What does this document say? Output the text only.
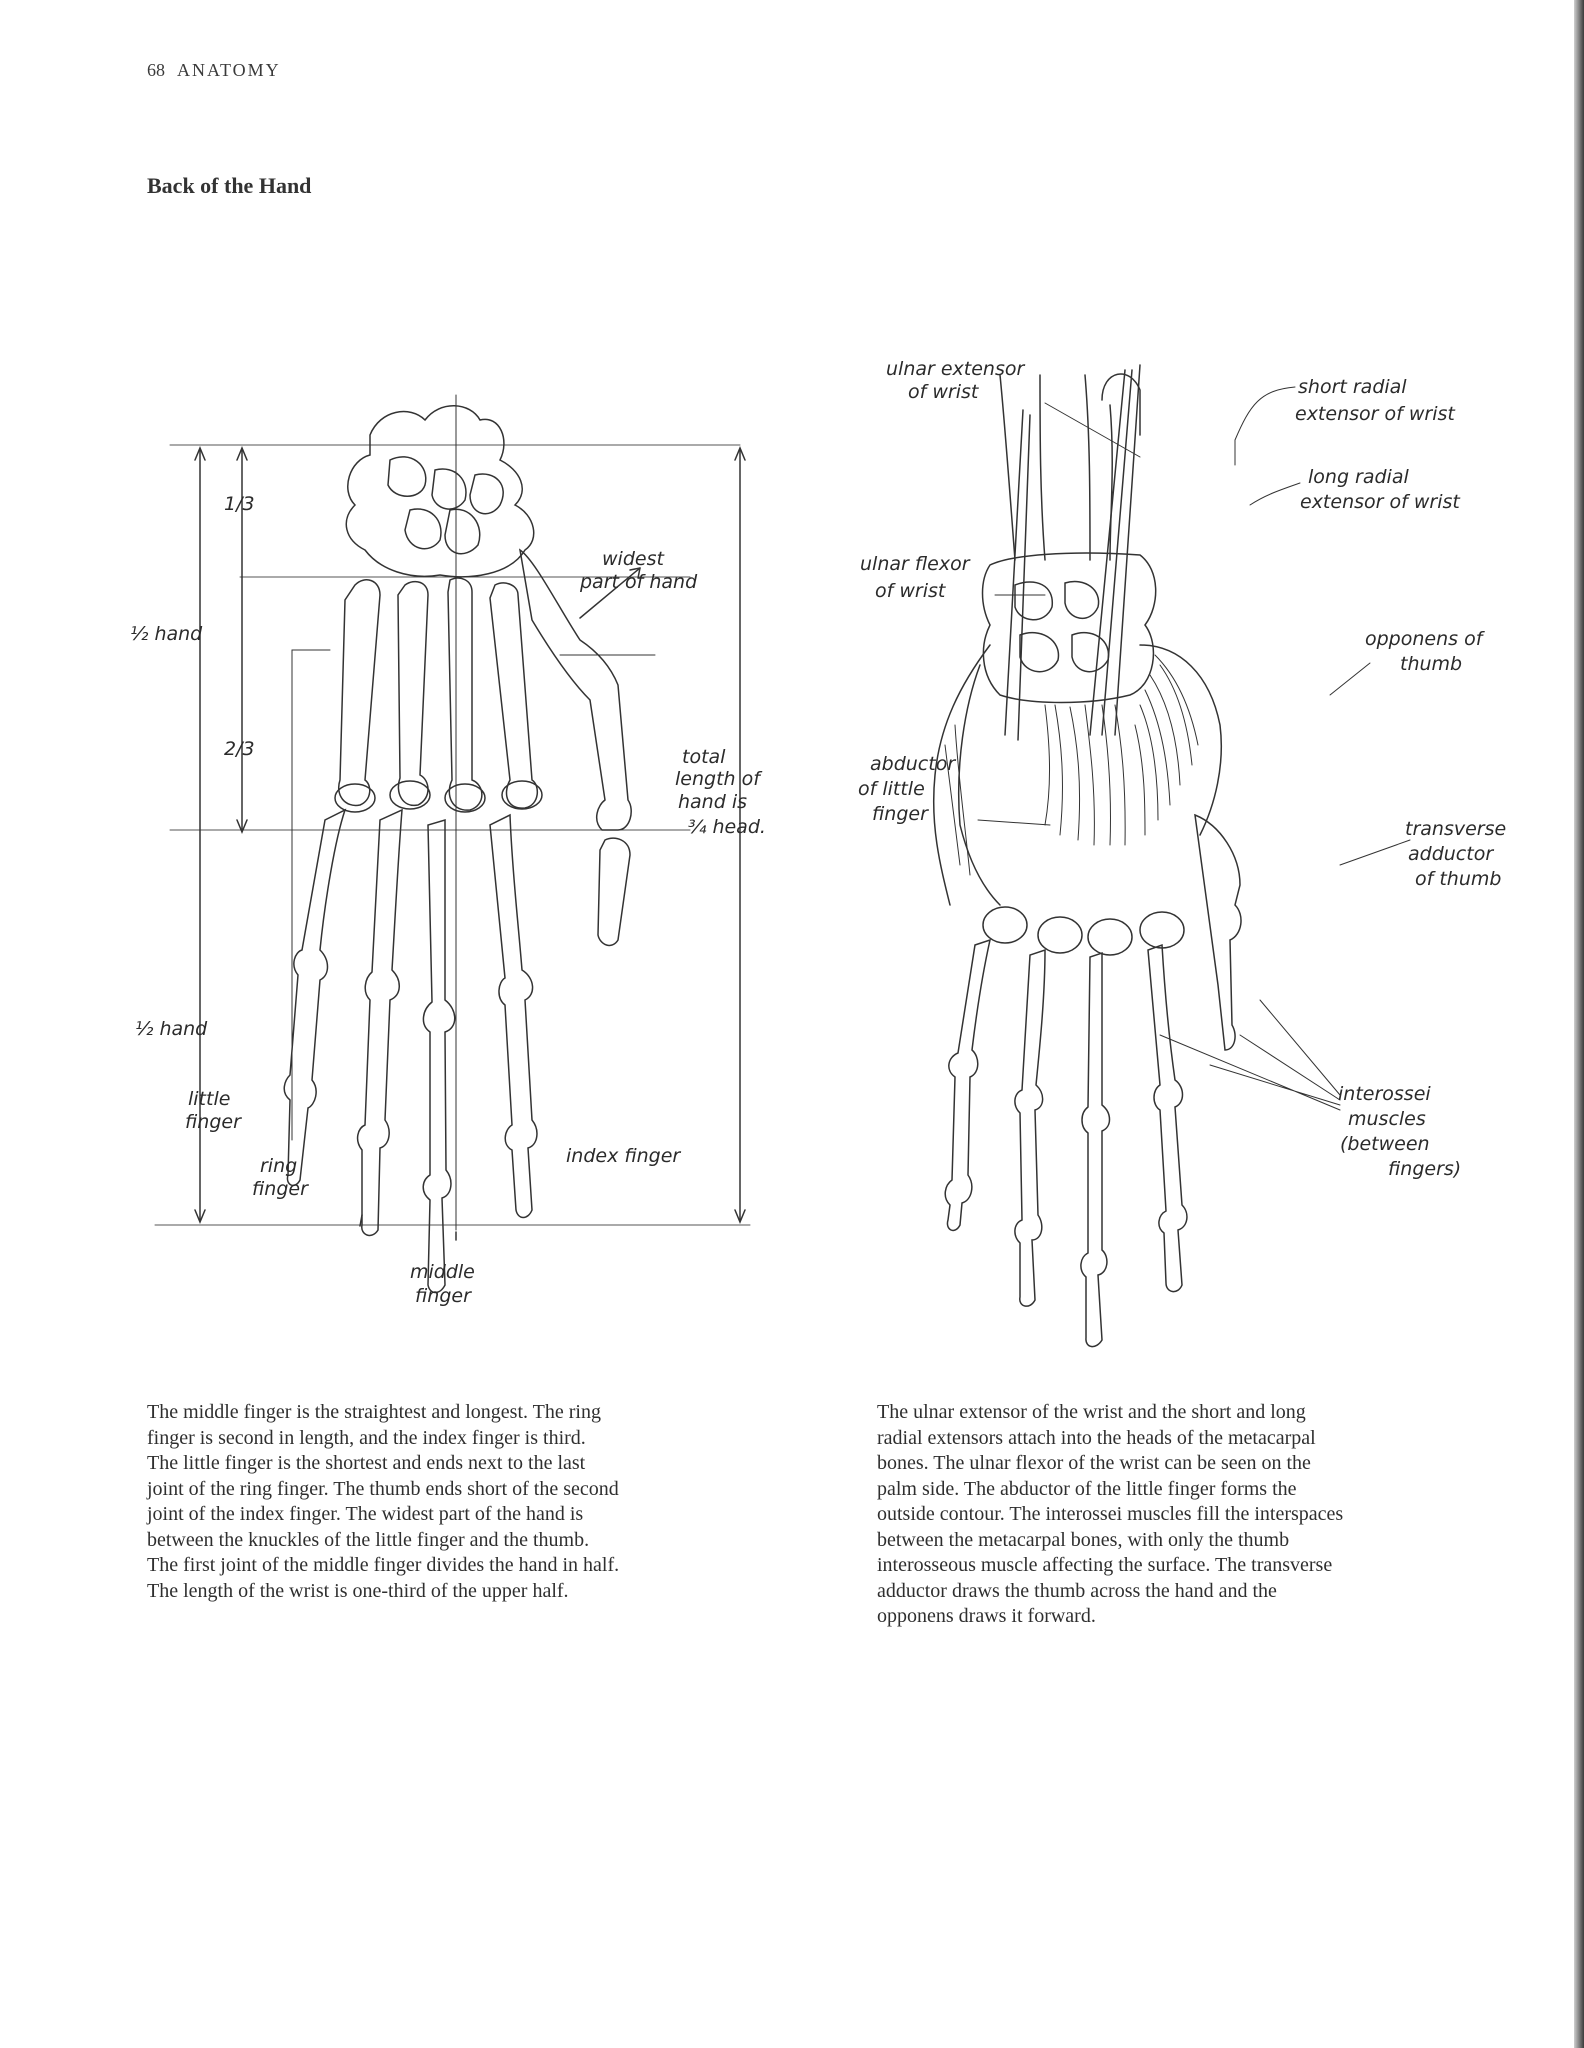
68 ANATOMY
Back of the Hand
1/3
2/3
½ hand
½ hand
widest
part of hand
total
length of
hand is
¾ head.
little
finger
ring
finger
index finger
middle
finger
ulnar extensor
of wrist	short radial
extensor of wrist
long radial
extensor of wrist
ulnar flexor
of wrist
opponens of
thumb
abductor
of little
finger
transverse
adductor
of thumb
interossei
muscles
(between
fingers)
The middle finger is the straightest and longest. The ring
finger is second in length, and the index finger is third.
The little finger is the shortest and ends next to the last
joint of the ring finger. The thumb ends short of the second
joint of the index finger. The widest part of the hand is
between the knuckles of the little finger and the thumb.
The first joint of the middle finger divides the hand in half.
The length of the wrist is one-third of the upper half.
The ulnar extensor of the wrist and the short and long
radial extensors attach into the heads of the metacarpal
bones. The ulnar flexor of the wrist can be seen on the
palm side. The abductor of the little finger forms the
outside contour. The interossei muscles fill the interspaces
between the metacarpal bones, with only the thumb
interosseous muscle affecting the surface. The transverse
adductor draws the thumb across the hand and the
opponens draws it forward.
